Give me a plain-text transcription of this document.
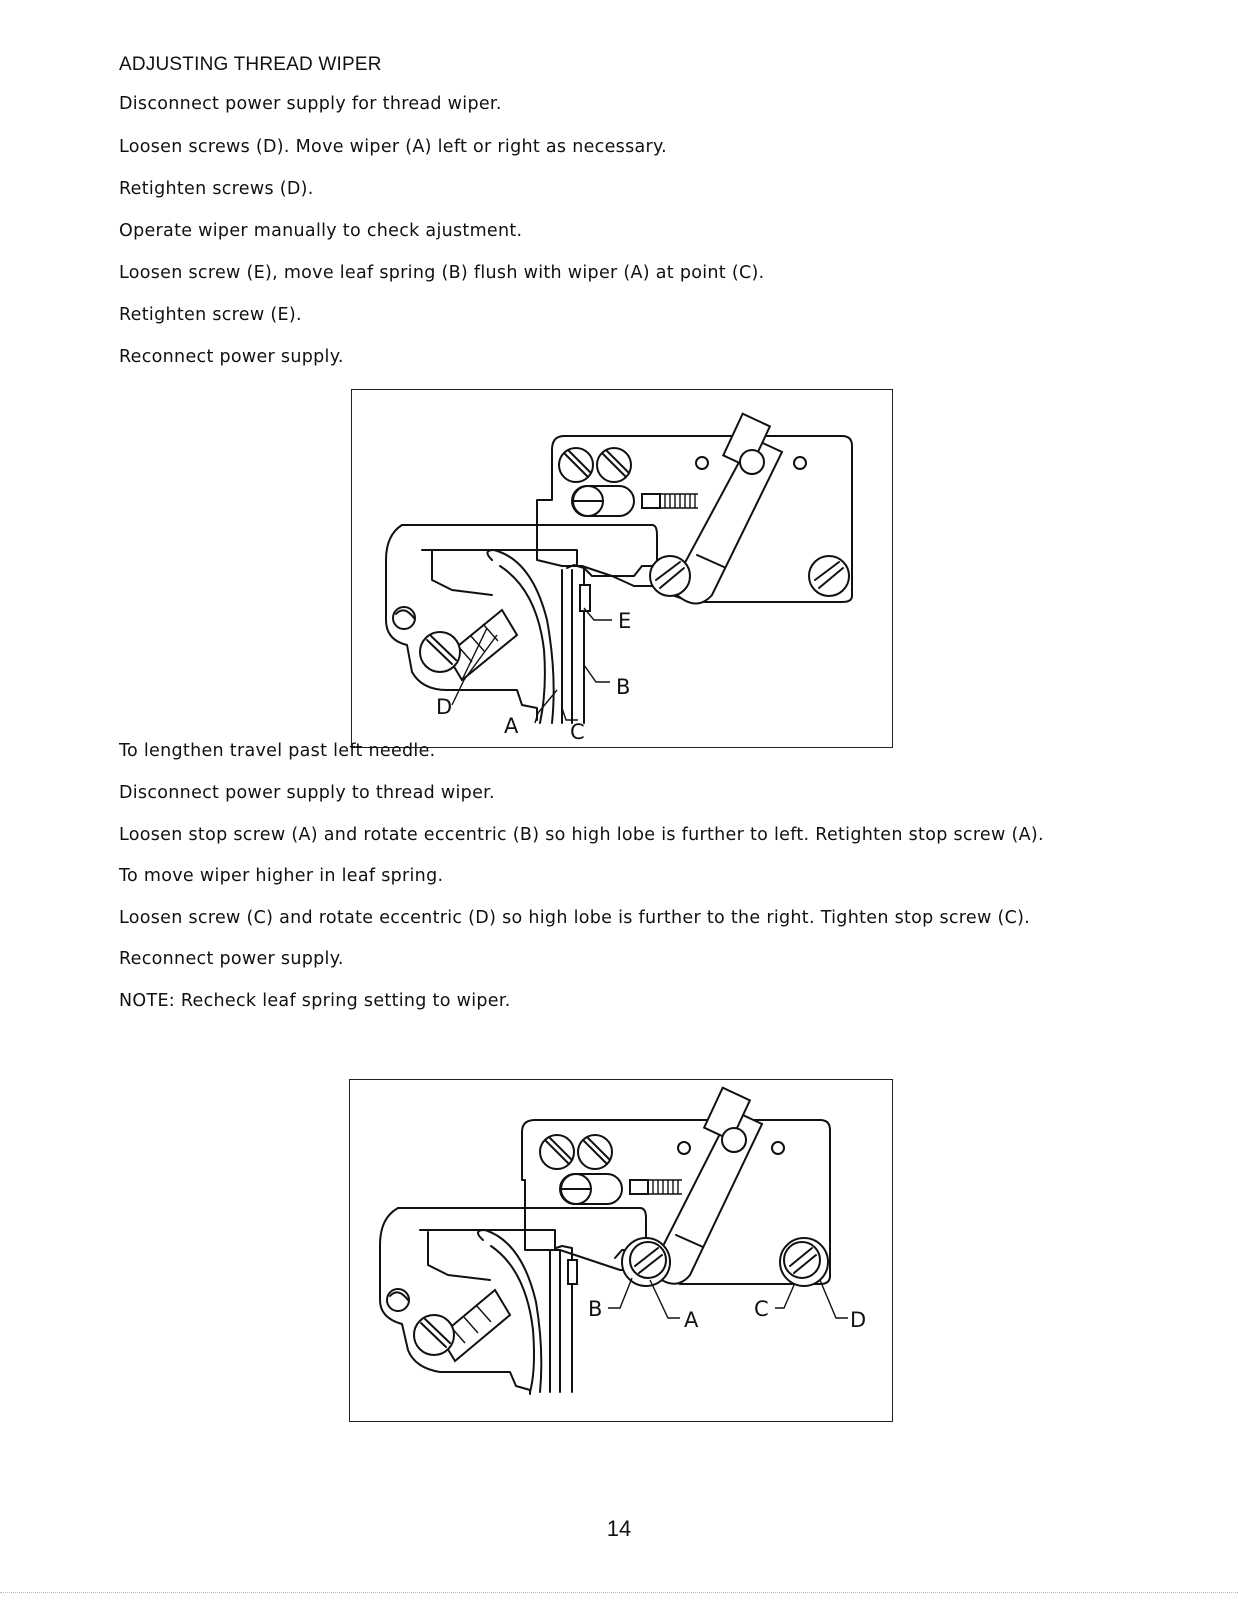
ADJUSTING THREAD WIPER
Disconnect power supply for thread wiper.
Loosen screws (D). Move wiper (A) left or right as necessary.
Retighten screws (D).
Operate wiper manually to check ajustment.
Loosen screw (E), move leaf spring (B) flush with wiper (A) at point (C).
Retighten screw (E).
Reconnect power supply.
E
B
D
A C
To lengthen travel past left needle.
Disconnect power supply to thread wiper.
Loosen stop screw (A) and rotate eccentric (B) so high lobe is further to left. Retighten stop screw (A).
To move wiper higher in leaf spring.
Loosen screw (C) and rotate eccentric (D) so high lobe is further to the right. Tighten stop screw (C).
Reconnect power supply.
NOTE: Recheck leaf spring setting to wiper.
B	A	C	D
14
